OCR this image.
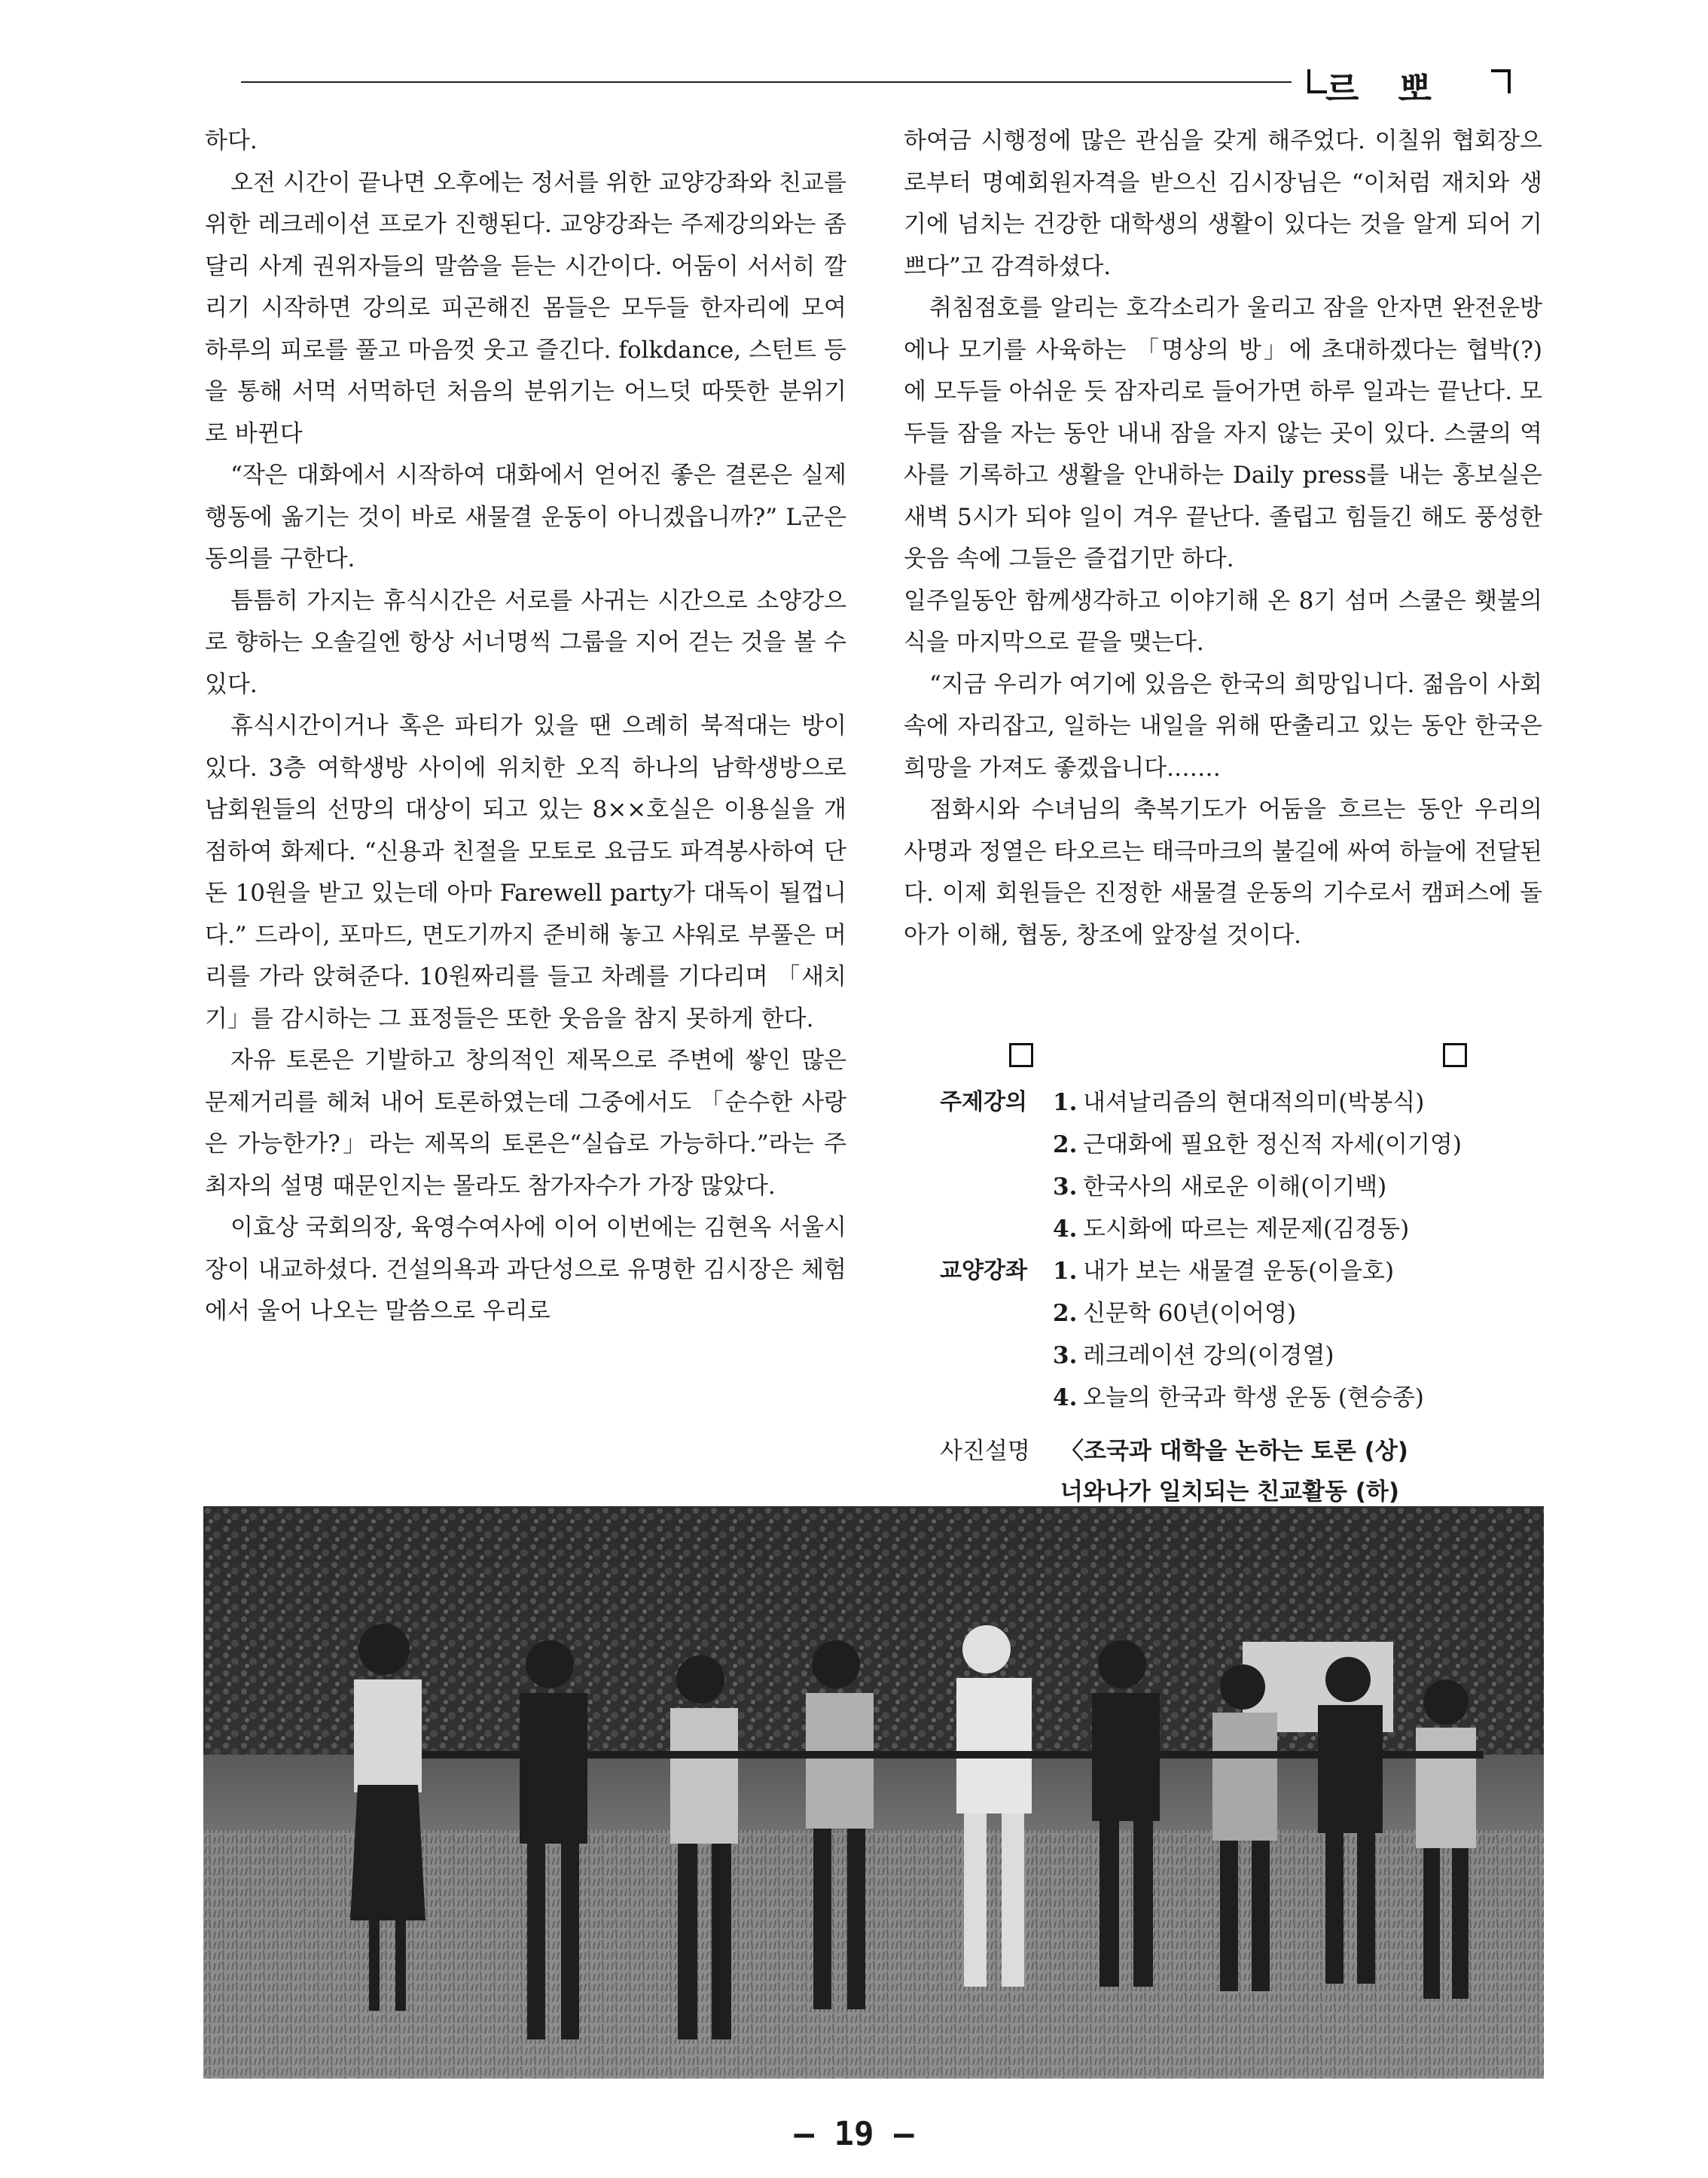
르 뽀

하다.

오전 시간이 끝나면 오후에는 정서를 위한 교양강좌와 친교를 위한 레크레이션 프로가 진행된다. 교양강좌는 주제강의와는 좀 달리 사계 권위자들의 말씀을 듣는 시간이다. 어둠이 서서히 깔리기 시작하면 강의로 피곤해진 몸들은 모두들 한자리에 모여 하루의 피로를 풀고 마음껏 웃고 즐긴다. folkdance, 스턴트 등을 통해 서먹 서먹하던 처음의 분위기는 어느덧 따뜻한 분위기로 바뀐다

“작은 대화에서 시작하여 대화에서 얻어진 좋은 결론은 실제 행동에 옮기는 것이 바로 새물결 운동이 아니겠읍니까?” L군은 동의를 구한다.

틈틈히 가지는 휴식시간은 서로를 사귀는 시간으로 소양강으로 향하는 오솔길엔 항상 서너명씩 그룹을 지어 걷는 것을 볼 수 있다.

휴식시간이거나 혹은 파티가 있을 땐 으례히 북적대는 방이 있다. 3층 여학생방 사이에 위치한 오직 하나의 남학생방으로 남회원들의 선망의 대상이 되고 있는 8××호실은 이용실을 개점하여 화제다. “신용과 친절을 모토로 요금도 파격봉사하여 단돈 10원을 받고 있는데 아마 Farewell party가 대독이 될껍니다.” 드라이, 포마드, 면도기까지 준비해 놓고 샤워로 부풀은 머리를 가라 앉혀준다. 10원짜리를 들고 차례를 기다리며 「새치기」를 감시하는 그 표정들은 또한 웃음을 참지 못하게 한다.

자유 토론은 기발하고 창의적인 제목으로 주변에 쌓인 많은 문제거리를 헤쳐 내어 토론하였는데 그중에서도 「순수한 사랑은 가능한가?」라는 제목의 토론은“실습로 가능하다.”라는 주최자의 설명 때문인지는 몰라도 참가자수가 가장 많았다.

이효상 국회의장, 육영수여사에 이어 이번에는 김현옥 서울시장이 내교하셨다. 건설의욕과 과단성으로 유명한 김시장은 체험에서 울어 나오는 말씀으로 우리로

하여금 시행정에 많은 관심을 갖게 해주었다. 이칠위 협회장으로부터 명예회원자격을 받으신 김시장님은 “이처럼 재치와 생기에 넘치는 건강한 대학생의 생활이 있다는 것을 알게 되어 기쁘다”고 감격하셨다.

취침점호를 알리는 호각소리가 울리고 잠을 안자면 완전운방에나 모기를 사육하는 「명상의 방」에 초대하겠다는 협박(?)에 모두들 아쉬운 듯 잠자리로 들어가면 하루 일과는 끝난다. 모두들 잠을 자는 동안 내내 잠을 자지 않는 곳이 있다. 스쿨의 역사를 기록하고 생활을 안내하는 Daily press를 내는 홍보실은 새벽 5시가 되야 일이 겨우 끝난다. 졸립고 힘들긴 해도 풍성한 웃음 속에 그들은 즐겁기만 하다.

일주일동안 함께생각하고 이야기해 온 8기 섬머 스쿨은 횃불의식을 마지막으로 끝을 맺는다.

“지금 우리가 여기에 있음은 한국의 희망입니다. 젊음이 사회속에 자리잡고, 일하는 내일을 위해 딴출리고 있는 동안 한국은 희망을 가져도 좋겠읍니다.……

점화시와 수녀님의 축복기도가 어둠을 흐르는 동안 우리의 사명과 정열은 타오르는 태극마크의 불길에 싸여 하늘에 전달된다. 이제 회원들은 진정한 새물결 운동의 기수로서 캠퍼스에 돌아가 이해, 협동, 창조에 앞장설 것이다.

주제강의	1. 내셔날리즘의 현대적의미(박봉식)
2. 근대화에 필요한 정신적 자세(이기영)
3. 한국사의 새로운 이해(이기백)
4. 도시화에 따르는 제문제(김경동)
교양강좌	1. 내가 보는 새물결 운동(이을호)
2. 신문학 60년(이어영)
3. 레크레이션 강의(이경열)
4. 오늘의 한국과 학생 운동 (현승종)
사진설명	〈조국과 대학을 논하는 토론 (상)
너와나가 일치되는 친교활동 (하)
— 19 —
